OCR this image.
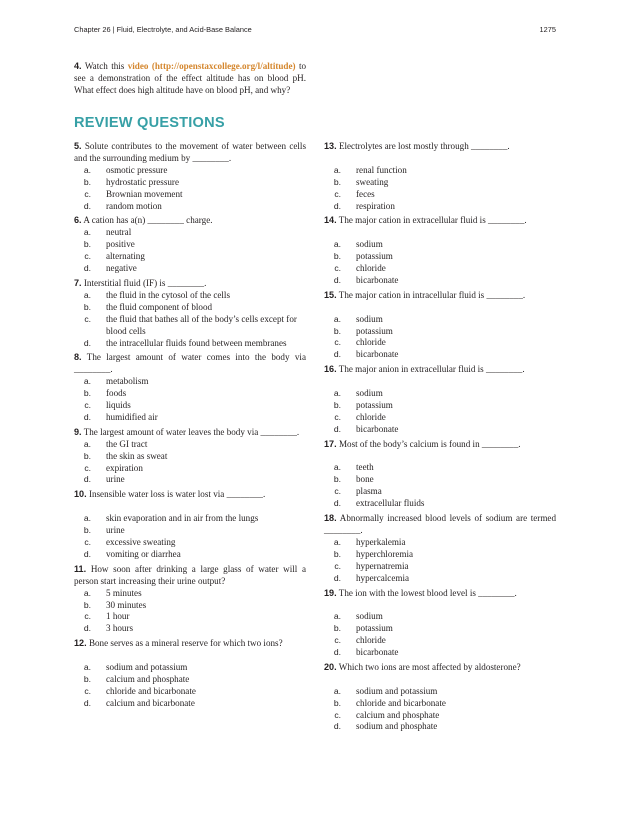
Chapter 26 | Fluid, Electrolyte, and Acid-Base Balance	1275
4. Watch this video (http://openstaxcollege.org/l/altitude) to see a demonstration of the effect altitude has on blood pH. What effect does high altitude have on blood pH, and why?
REVIEW QUESTIONS

5. Solute contributes to the movement of water between cells and the surrounding medium by ________.

a.	osmotic pressure
b.	hydrostatic pressure
c.	Brownian movement
d.	random motion

6. A cation has a(n) ________ charge.

a.	neutral
b.	positive
c.	alternating
d.	negative

7. Interstitial fluid (IF) is ________.

a.	the fluid in the cytosol of the cells
b.	the fluid component of blood
c.	the fluid that bathes all of the body’s cells except for blood cells
d.	the intracellular fluids found between membranes

8. The largest amount of water comes into the body via ________.

a.	metabolism
b.	foods
c.	liquids
d.	humidified air

9. The largest amount of water leaves the body via ________.

a.	the GI tract
b.	the skin as sweat
c.	expiration
d.	urine

10. Insensible water loss is water lost via ________.

a.	skin evaporation and in air from the lungs
b.	urine
c.	excessive sweating
d.	vomiting or diarrhea

11. How soon after drinking a large glass of water will a person start increasing their urine output?

a.	5 minutes
b.	30 minutes
c.	1 hour
d.	3 hours

12. Bone serves as a mineral reserve for which two ions?

a.	sodium and potassium
b.	calcium and phosphate
c.	chloride and bicarbonate
d.	calcium and bicarbonate

13. Electrolytes are lost mostly through ________.

a.	renal function
b.	sweating
c.	feces
d.	respiration

14. The major cation in extracellular fluid is ________.

a.	sodium
b.	potassium
c.	chloride
d.	bicarbonate

15. The major cation in intracellular fluid is ________.

a.	sodium
b.	potassium
c.	chloride
d.	bicarbonate

16. The major anion in extracellular fluid is ________.

a.	sodium
b.	potassium
c.	chloride
d.	bicarbonate

17. Most of the body’s calcium is found in ________.

a.	teeth
b.	bone
c.	plasma
d.	extracellular fluids

18. Abnormally increased blood levels of sodium are termed ________.

a.	hyperkalemia
b.	hyperchloremia
c.	hypernatremia
d.	hypercalcemia

19. The ion with the lowest blood level is ________.

a.	sodium
b.	potassium
c.	chloride
d.	bicarbonate

20. Which two ions are most affected by aldosterone?

a.	sodium and potassium
b.	chloride and bicarbonate
c.	calcium and phosphate
d.	sodium and phosphate
